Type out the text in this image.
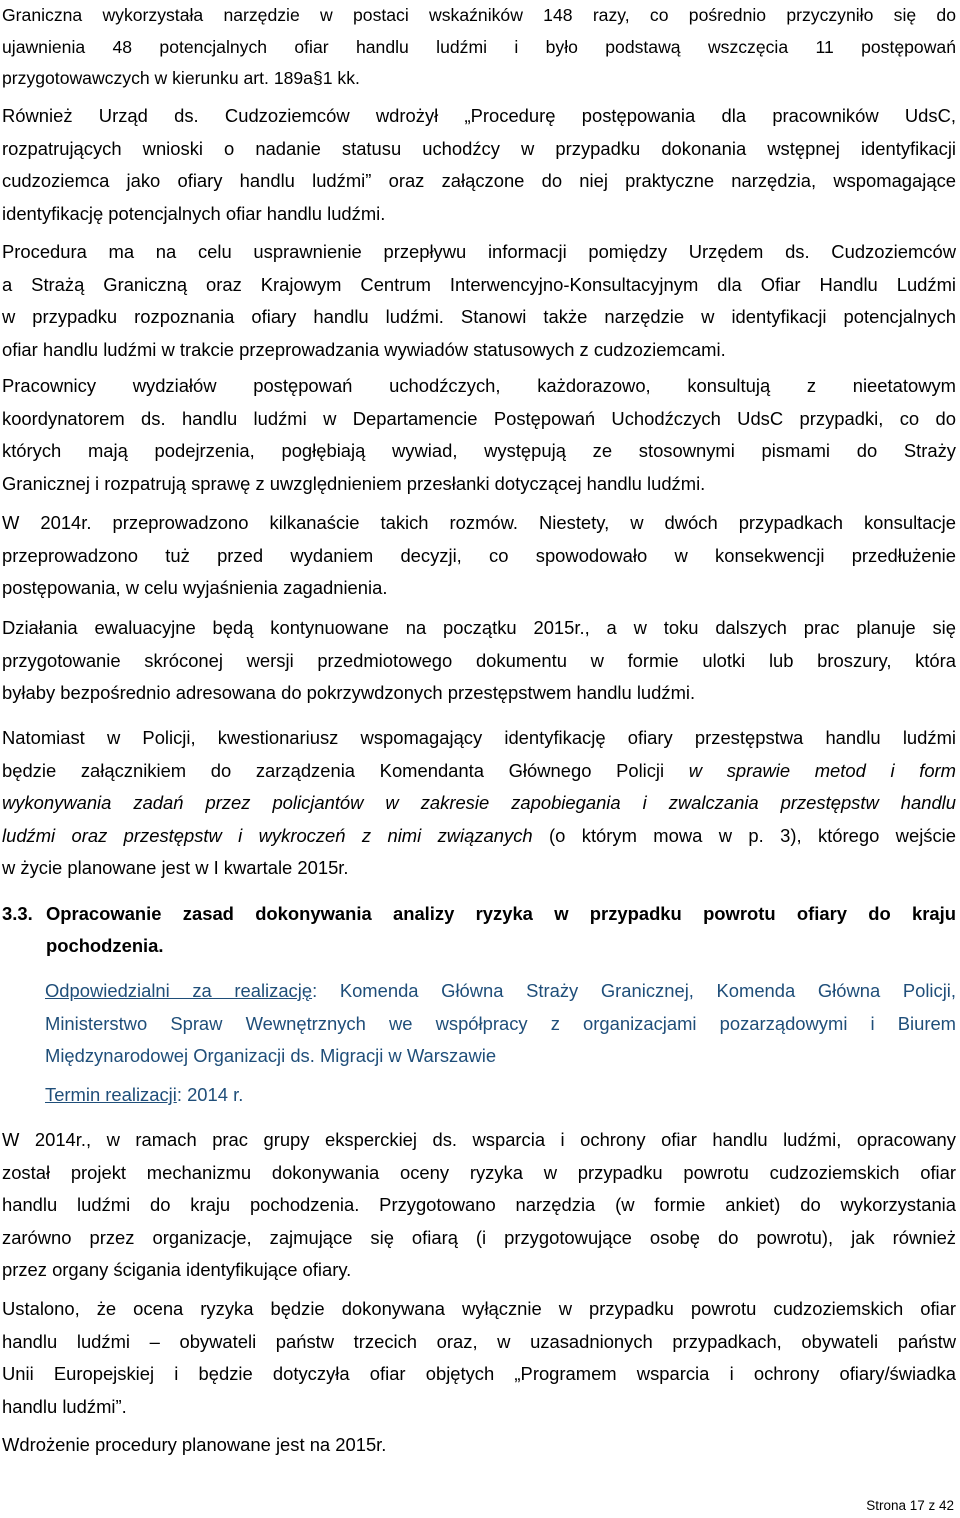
Graniczna wykorzystała narzędzie w postaci wskaźników 148 razy, co pośrednio przyczyniło się do
ujawnienia 48 potencjalnych ofiar handlu ludźmi i było podstawą wszczęcia 11 postępowań
przygotowawczych w kierunku art. 189a§1 kk.

Również Urząd ds. Cudzoziemców wdrożył „Procedurę postępowania dla pracowników UdsC,
rozpatrujących wnioski o nadanie statusu uchodźcy w przypadku dokonania wstępnej identyfikacji
cudzoziemca jako ofiary handlu ludźmi” oraz załączone do niej praktyczne narzędzia, wspomagające
identyfikację potencjalnych ofiar handlu ludźmi.

Procedura ma na celu usprawnienie przepływu informacji pomiędzy Urzędem ds. Cudzoziemców
a Strażą Graniczną oraz Krajowym Centrum Interwencyjno-Konsultacyjnym dla Ofiar Handlu Ludźmi
w przypadku rozpoznania ofiary handlu ludźmi. Stanowi także narzędzie w identyfikacji potencjalnych
ofiar handlu ludźmi w trakcie przeprowadzania wywiadów statusowych z cudzoziemcami.

Pracownicy wydziałów postępowań uchodźczych, każdorazowo, konsultują z nieetatowym
koordynatorem ds. handlu ludźmi w Departamencie Postępowań Uchodźczych UdsC przypadki, co do
których mają podejrzenia, pogłębiają wywiad, występują ze stosownymi pismami do Straży
Granicznej i rozpatrują sprawę z uwzględnieniem przesłanki dotyczącej handlu ludźmi.

W 2014r. przeprowadzono kilkanaście takich rozmów. Niestety, w dwóch przypadkach konsultacje
przeprowadzono tuż przed wydaniem decyzji, co spowodowało w konsekwencji przedłużenie
postępowania, w celu wyjaśnienia zagadnienia.

Działania ewaluacyjne będą kontynuowane na początku 2015r., a w toku dalszych prac planuje się
przygotowanie skróconej wersji przedmiotowego dokumentu w formie ulotki lub broszury, która
byłaby bezpośrednio adresowana do pokrzywdzonych przestępstwem handlu ludźmi.

Natomiast w Policji, kwestionariusz wspomagający identyfikację ofiary przestępstwa handlu ludźmi
będzie załącznikiem do zarządzenia Komendanta Głównego Policji w sprawie metod i form
wykonywania zadań przez policjantów w zakresie zapobiegania i zwalczania przestępstw handlu
ludźmi oraz przestępstw i wykroczeń z nimi związanych (o którym mowa w p. 3), którego wejście
w życie planowane jest w I kwartale 2015r.

3.3. Opracowanie zasad dokonywania analizy ryzyka w przypadku powrotu ofiary do kraju
pochodzenia.

Odpowiedzialni za realizację: Komenda Główna Straży Granicznej, Komenda Główna Policji,
Ministerstwo Spraw Wewnętrznych we współpracy z organizacjami pozarządowymi i Biurem
Międzynarodowej Organizacji ds. Migracji w Warszawie

Termin realizacji: 2014 r.

W 2014r., w ramach prac grupy eksperckiej ds. wsparcia i ochrony ofiar handlu ludźmi, opracowany
został projekt mechanizmu dokonywania oceny ryzyka w przypadku powrotu cudzoziemskich ofiar
handlu ludźmi do kraju pochodzenia. Przygotowano narzędzia (w formie ankiet) do wykorzystania
zarówno przez organizacje, zajmujące się ofiarą (i przygotowujące osobę do powrotu), jak również
przez organy ścigania identyfikujące ofiary.

Ustalono, że ocena ryzyka będzie dokonywana wyłącznie w przypadku powrotu cudzoziemskich ofiar
handlu ludźmi – obywateli państw trzecich oraz, w uzasadnionych przypadkach, obywateli państw
Unii Europejskiej i będzie dotyczyła ofiar objętych „Programem wsparcia i ochrony ofiary/świadka
handlu ludźmi”.

Wdrożenie procedury planowane jest na 2015r.

Strona 17 z 42
